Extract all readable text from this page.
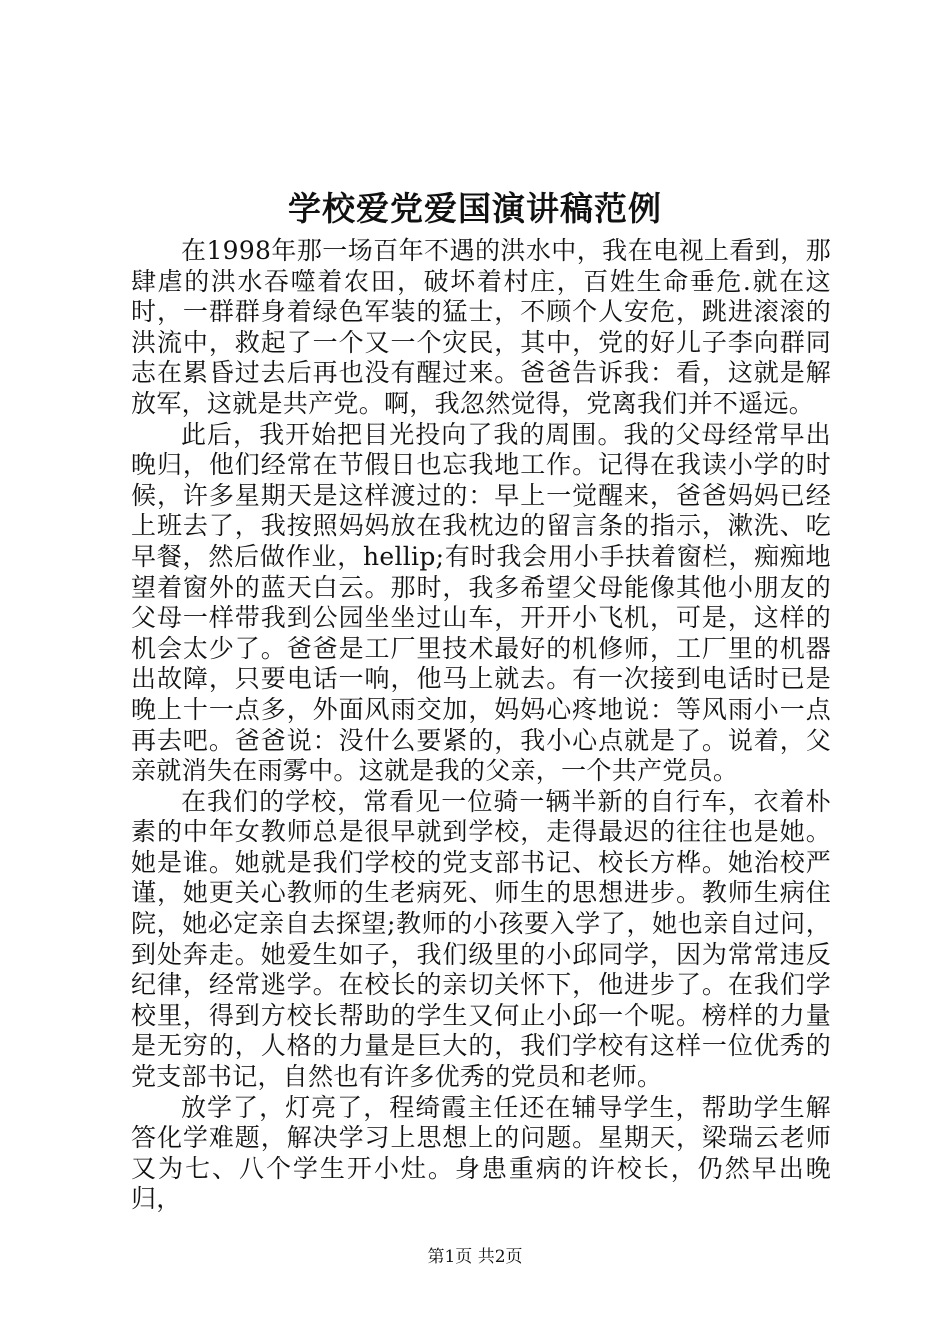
学校爱党爱国演讲稿范例

在1998年那一场百年不遇的洪水中，我在电视上看到，那肆虐的洪水吞噬着农田，破坏着村庄，百姓生命垂危.就在这时，一群群身着绿色军装的猛士，不顾个人安危，跳进滚滚的洪流中，救起了一个又一个灾民，其中，党的好儿子李向群同志在累昏过去后再也没有醒过来。爸爸告诉我：看，这就是解放军，这就是共产党。啊，我忽然觉得，党离我们并不遥远。

此后，我开始把目光投向了我的周围。我的父母经常早出晚归，他们经常在节假日也忘我地工作。记得在我读小学的时候，许多星期天是这样渡过的：早上一觉醒来，爸爸妈妈已经上班去了，我按照妈妈放在我枕边的留言条的指示，漱洗、吃早餐，然后做作业，hellip;有时我会用小手扶着窗栏，痴痴地望着窗外的蓝天白云。那时，我多希望父母能像其他小朋友的父母一样带我到公园坐坐过山车，开开小飞机，可是，这样的机会太少了。爸爸是工厂里技术最好的机修师，工厂里的机器出故障，只要电话一响，他马上就去。有一次接到电话时已是晚上十一点多，外面风雨交加，妈妈心疼地说：等风雨小一点再去吧。爸爸说：没什么要紧的，我小心点就是了。说着，父亲就消失在雨雾中。这就是我的父亲，一个共产党员。

在我们的学校，常看见一位骑一辆半新的自行车，衣着朴素的中年女教师总是很早就到学校，走得最迟的往往也是她。她是谁。她就是我们学校的党支部书记、校长方桦。她治校严谨，她更关心教师的生老病死、师生的思想进步。教师生病住院，她必定亲自去探望;教师的小孩要入学了，她也亲自过问，到处奔走。她爱生如子，我们级里的小邱同学，因为常常违反纪律，经常逃学。在校长的亲切关怀下，他进步了。在我们学校里，得到方校长帮助的学生又何止小邱一个呢。榜样的力量是无穷的，人格的力量是巨大的，我们学校有这样一位优秀的党支部书记，自然也有许多优秀的党员和老师。

放学了，灯亮了，程绮霞主任还在辅导学生，帮助学生解答化学难题，解决学习上思想上的问题。星期天，梁瑞云老师又为七、八个学生开小灶。身患重病的许校长，仍然早出晚归，

第1页 共2页
